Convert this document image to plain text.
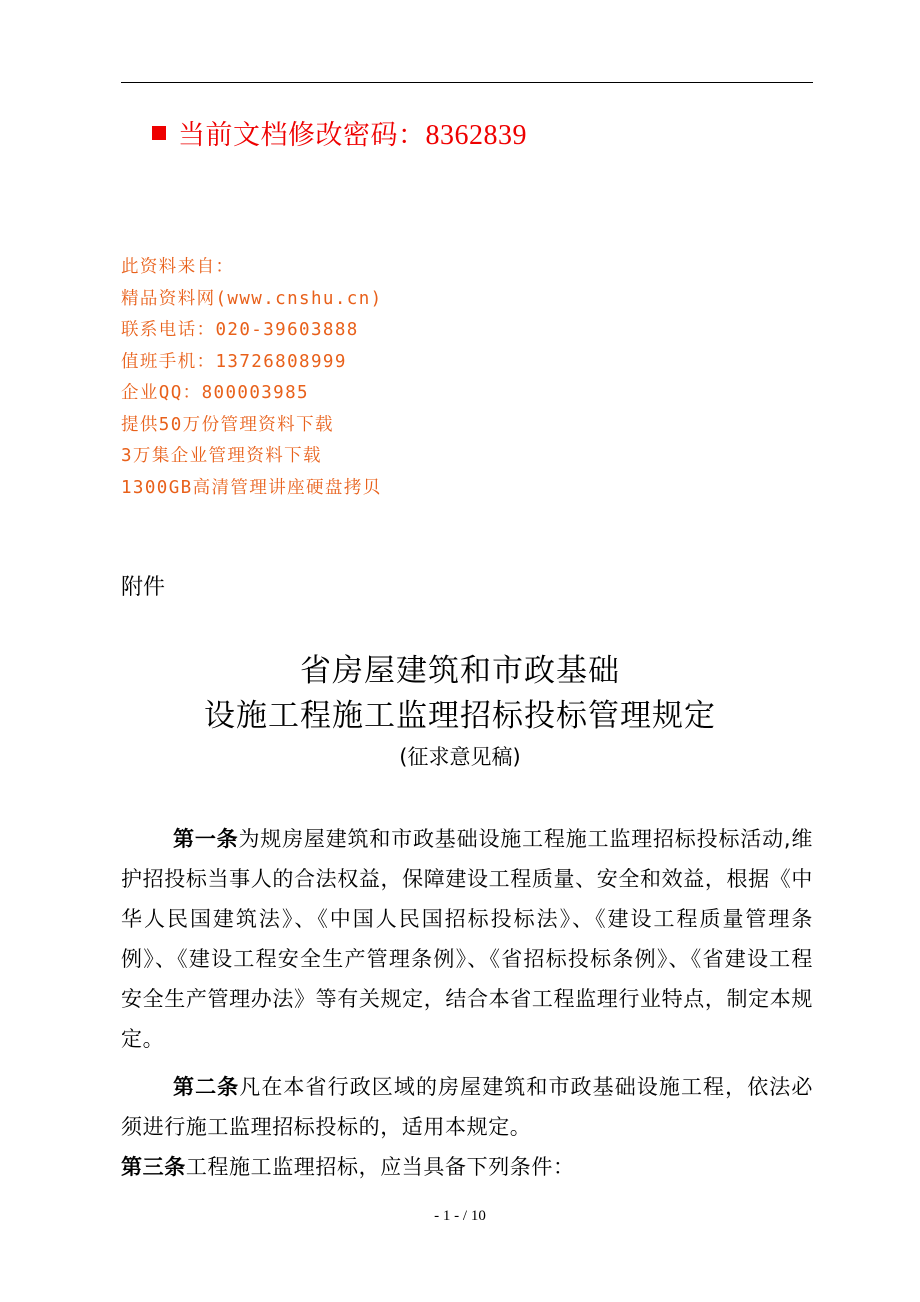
当前文档修改密码：8362839
此资料来自：
精品资料网(www.cnshu.cn)
联系电话：020-39603888
值班手机：13726808999
企业QQ：800003985
提供50万份管理资料下载
3万集企业管理资料下载
1300GB高清管理讲座硬盘拷贝
附件
省房屋建筑和市政基础
设施工程施工监理招标投标管理规定
(征求意见稿)

第一条为规房屋建筑和市政基础设施工程施工监理招标投标活动,维护招投标当事人的合法权益，保障建设工程质量、安全和效益，根据《中华人民国建筑法》、《中国人民国招标投标法》、《建设工程质量管理条例》、《建设工程安全生产管理条例》、《省招标投标条例》、《省建设工程安全生产管理办法》等有关规定，结合本省工程监理行业特点，制定本规定。

第二条凡在本省行政区域的房屋建筑和市政基础设施工程，依法必须进行施工监理招标投标的，适用本规定。

第三条工程施工监理招标，应当具备下列条件：

- 1 - / 10
